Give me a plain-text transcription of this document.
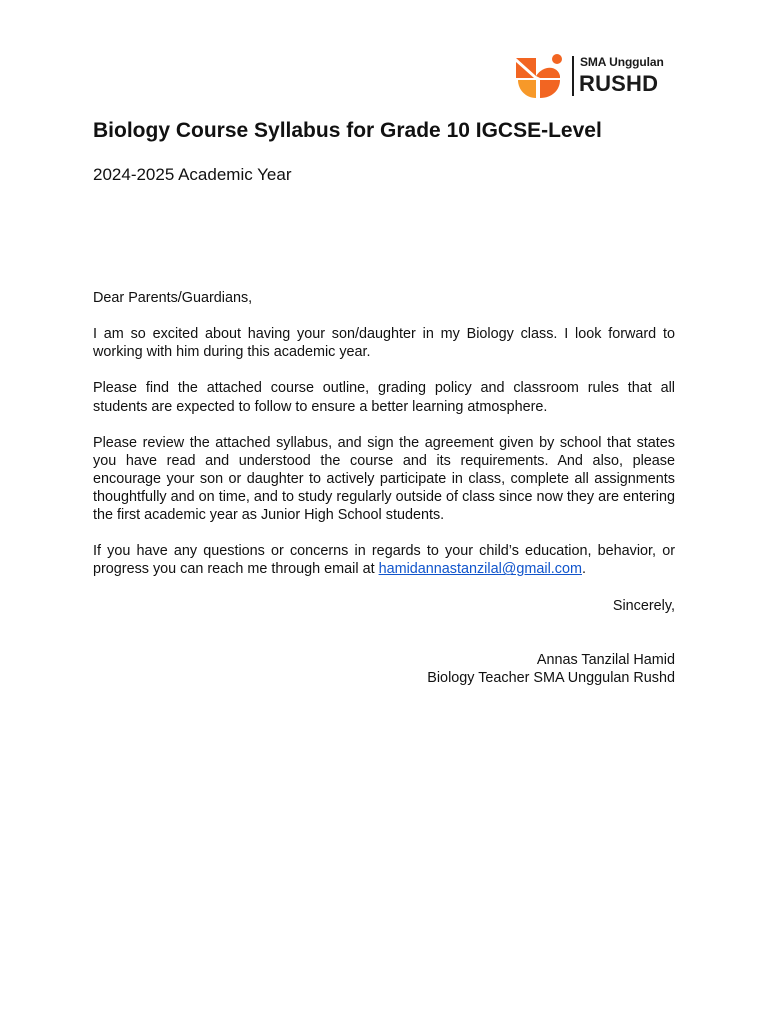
SMA Unggulan
RUSHD
Biology Course Syllabus for Grade 10 IGCSE-Level
2024-2025 Academic Year

Dear Parents/Guardians,

I am so excited about having your son/daughter in my Biology class. I look forward to working with him during this academic year.

Please find the attached course outline, grading policy and classroom rules that all students are expected to follow to ensure a better learning atmosphere.

Please review the attached syllabus, and sign the agreement given by school that states you have read and understood the course and its requirements. And also, please encourage your son or daughter to actively participate in class, complete all assignments thoughtfully and on time, and to study regularly outside of class since now they are entering the first academic year as Junior High School students.

If you have any questions or concerns in regards to your child’s education, behavior, or progress you can reach me through email at hamidannastanzilal@gmail.com.

Sincerely,

Annas Tanzilal Hamid

Biology Teacher SMA Unggulan Rushd
